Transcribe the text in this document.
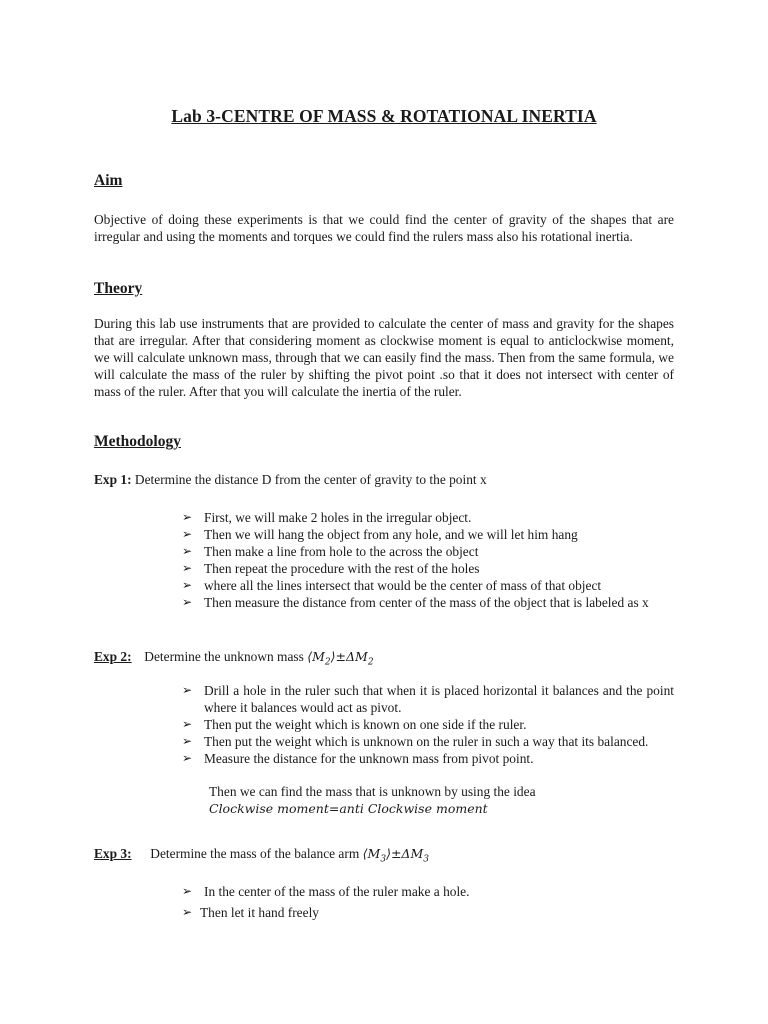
Lab 3-CENTRE OF MASS & ROTATIONAL INERTIA
Aim
Objective of doing these experiments is that we could find the center of gravity of the shapes that are irregular and using the moments and torques we could find the rulers mass also his rotational inertia.
Theory
During this lab use instruments that are provided to calculate the center of mass and gravity for the shapes that are irregular. After that considering moment as clockwise moment is equal to anticlockwise moment, we will calculate unknown mass, through that we can easily find the mass. Then from the same formula, we will calculate the mass of the ruler by shifting the pivot point .so that it does not intersect with center of mass of the ruler. After that you will calculate the inertia of the ruler.
Methodology
Exp 1: Determine the distance D from the center of gravity to the point x
➢ First, we will make 2 holes in the irregular object.
➢ Then we will hang the object from any hole, and we will let him hang
➢ Then make a line from hole to the across the object
➢ Then repeat the procedure with the rest of the holes
➢ where all the lines intersect that would be the center of mass of that object
➢ Then measure the distance from center of the mass of the object that is labeled as x
Exp 2: Determine the unknown mass $⟨M_2⟩\pm\Delta M_2$
➢ Drill a hole in the ruler such that when it is placed horizontal it balances and the point where it balances would act as pivot.
➢ Then put the weight which is known on one side if the ruler.
➢ Then put the weight which is unknown on the ruler in such a way that its balanced.
➢ Measure the distance for the unknown mass from pivot point.
Then we can find the mass that is unknown by using the idea
Clockwise moment=anti Clockwise moment
Exp 3: Determine the mass of the balance arm $⟨M_3⟩\pm\Delta M_3$
➢ In the center of the mass of the ruler make a hole.
➢ Then let it hand freely
